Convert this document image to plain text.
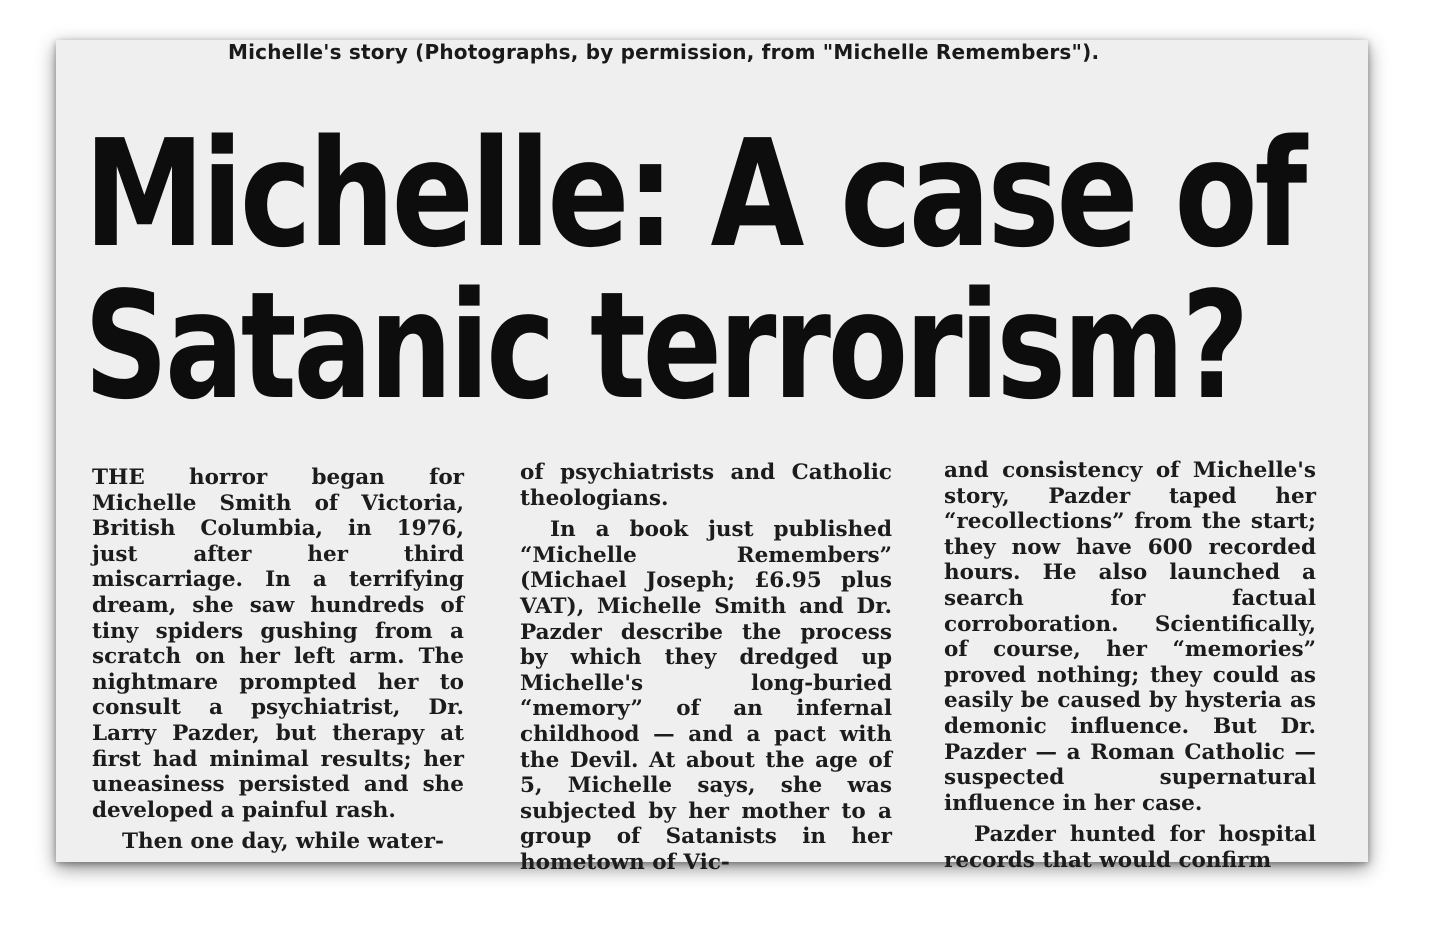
Michelle's story (Photographs, by permission, from "Michelle Remembers").
Michelle: A case of
Satanic terrorism?

THE horror began for Michelle Smith of Victoria, British Columbia, in 1976, just after her third miscarriage. In a terrifying dream, she saw hundreds of tiny spiders gushing from a scratch on her left arm. The nightmare prompted her to consult a psychiatrist, Dr. Larry Pazder, but therapy at first had minimal results; her uneasiness persisted and she developed a painful rash.

Then one day, while water-

of psychiatrists and Catholic theologians.

In a book just published “Michelle Remembers” (Michael Joseph; £6.95 plus VAT), Michelle Smith and Dr. Pazder describe the process by which they dredged up Michelle's long-buried “memory” of an infernal childhood — and a pact with the Devil. At about the age of 5, Michelle says, she was subjected by her mother to a group of Satanists in her hometown of Vic-

and consistency of Michelle's story, Pazder taped her “recollections” from the start; they now have 600 recorded hours. He also launched a search for factual corroboration. Scientifically, of course, her “memories” proved nothing; they could as easily be caused by hysteria as demonic influence. But Dr. Pazder — a Roman Catholic — suspected supernatural influence in her case.

Pazder hunted for hospital records that would confirm
